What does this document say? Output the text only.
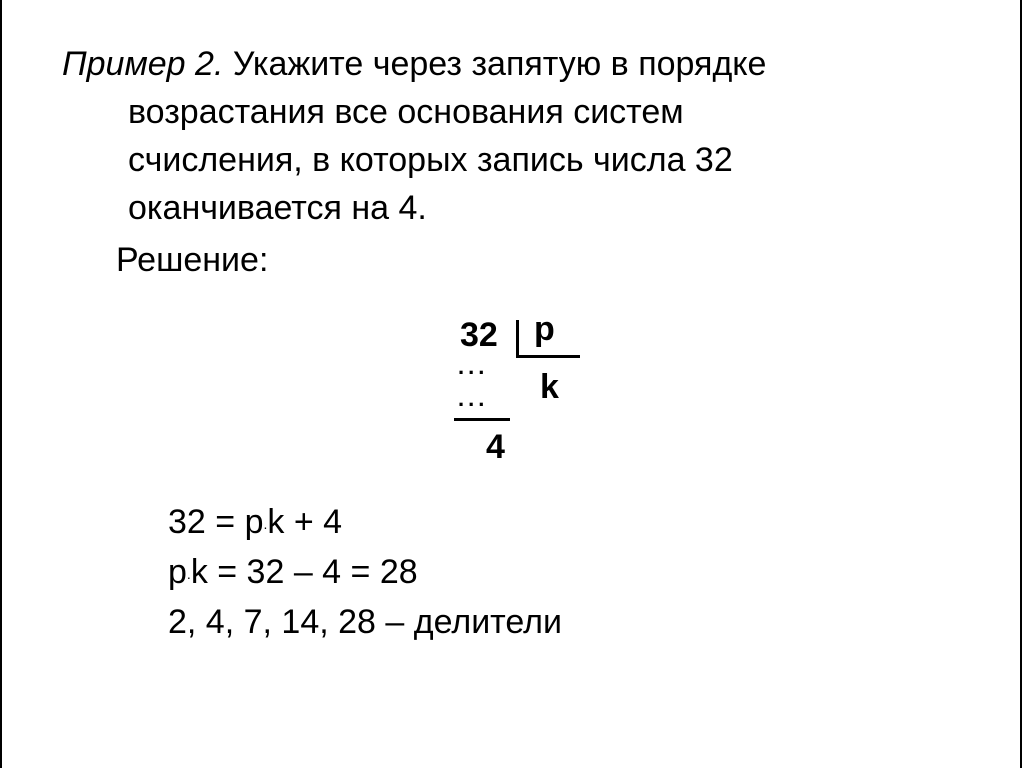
Пример 2. Укажите через запятую в порядке
возрастания все основания систем
счисления, в которых запись числа 32
оканчивается на 4.
Решение:
32 p
...
k
...
4
32 = p.k + 4
p.k = 32 – 4 = 28
2, 4, 7, 14, 28 – делители
